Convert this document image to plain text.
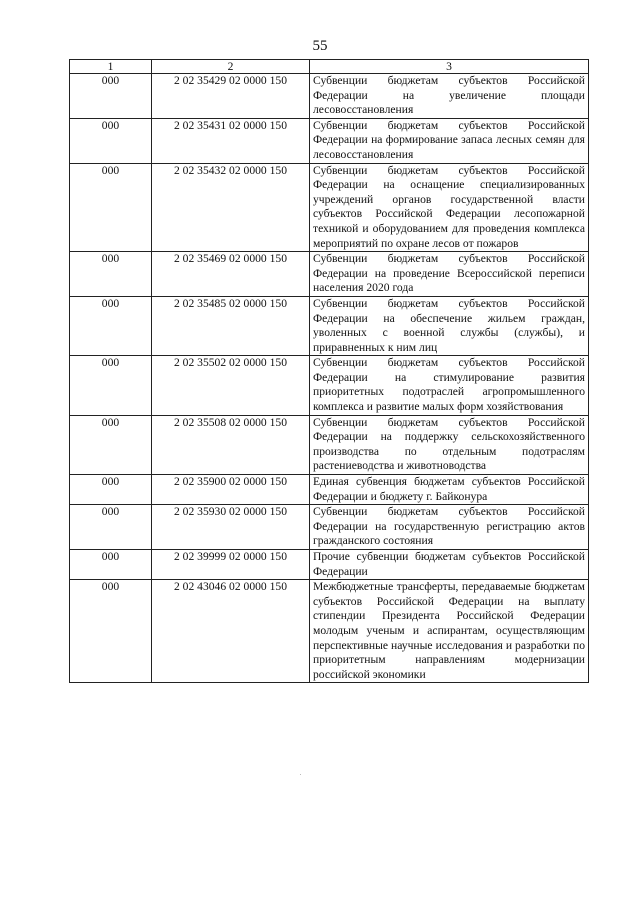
55
1	2	3
000	2 02 35429 02 0000 150	Субвенции бюджетам субъектов Российской Федерации на увеличение площади лесовосстановления
000	2 02 35431 02 0000 150	Субвенции бюджетам субъектов Российской Федерации на формирование запаса лесных семян для лесовосстановления
000	2 02 35432 02 0000 150	Субвенции бюджетам субъектов Российской Федерации на оснащение специализированных учреждений органов государственной власти субъектов Российской Федерации лесопожарной техникой и оборудованием для проведения комплекса мероприятий по охране лесов от пожаров
000	2 02 35469 02 0000 150	Субвенции бюджетам субъектов Российской Федерации на проведение Всероссийской переписи населения 2020 года
000	2 02 35485 02 0000 150	Субвенции бюджетам субъектов Российской Федерации на обеспечение жильем граждан, уволенных с военной службы (службы), и приравненных к ним лиц
000	2 02 35502 02 0000 150	Субвенции бюджетам субъектов Российской Федерации на стимулирование развития приоритетных подотраслей агропромышленного комплекса и развитие малых форм хозяйствования
000	2 02 35508 02 0000 150	Субвенции бюджетам субъектов Российской Федерации на поддержку сельскохозяйственного производства по отдельным подотраслям растениеводства и животноводства
000	2 02 35900 02 0000 150	Единая субвенция бюджетам субъектов Российской Федерации и бюджету г. Байконура
000	2 02 35930 02 0000 150	Субвенции бюджетам субъектов Российской Федерации на государственную регистрацию актов гражданского состояния
000	2 02 39999 02 0000 150	Прочие субвенции бюджетам субъектов Российской Федерации
000	2 02 43046 02 0000 150	Межбюджетные трансферты, передаваемые бюджетам субъектов Российской Федерации на выплату стипендии Президента Российской Федерации молодым ученым и аспирантам, осуществляющим перспективные научные исследования и разработки по приоритетным направлениям модернизации российской экономики
